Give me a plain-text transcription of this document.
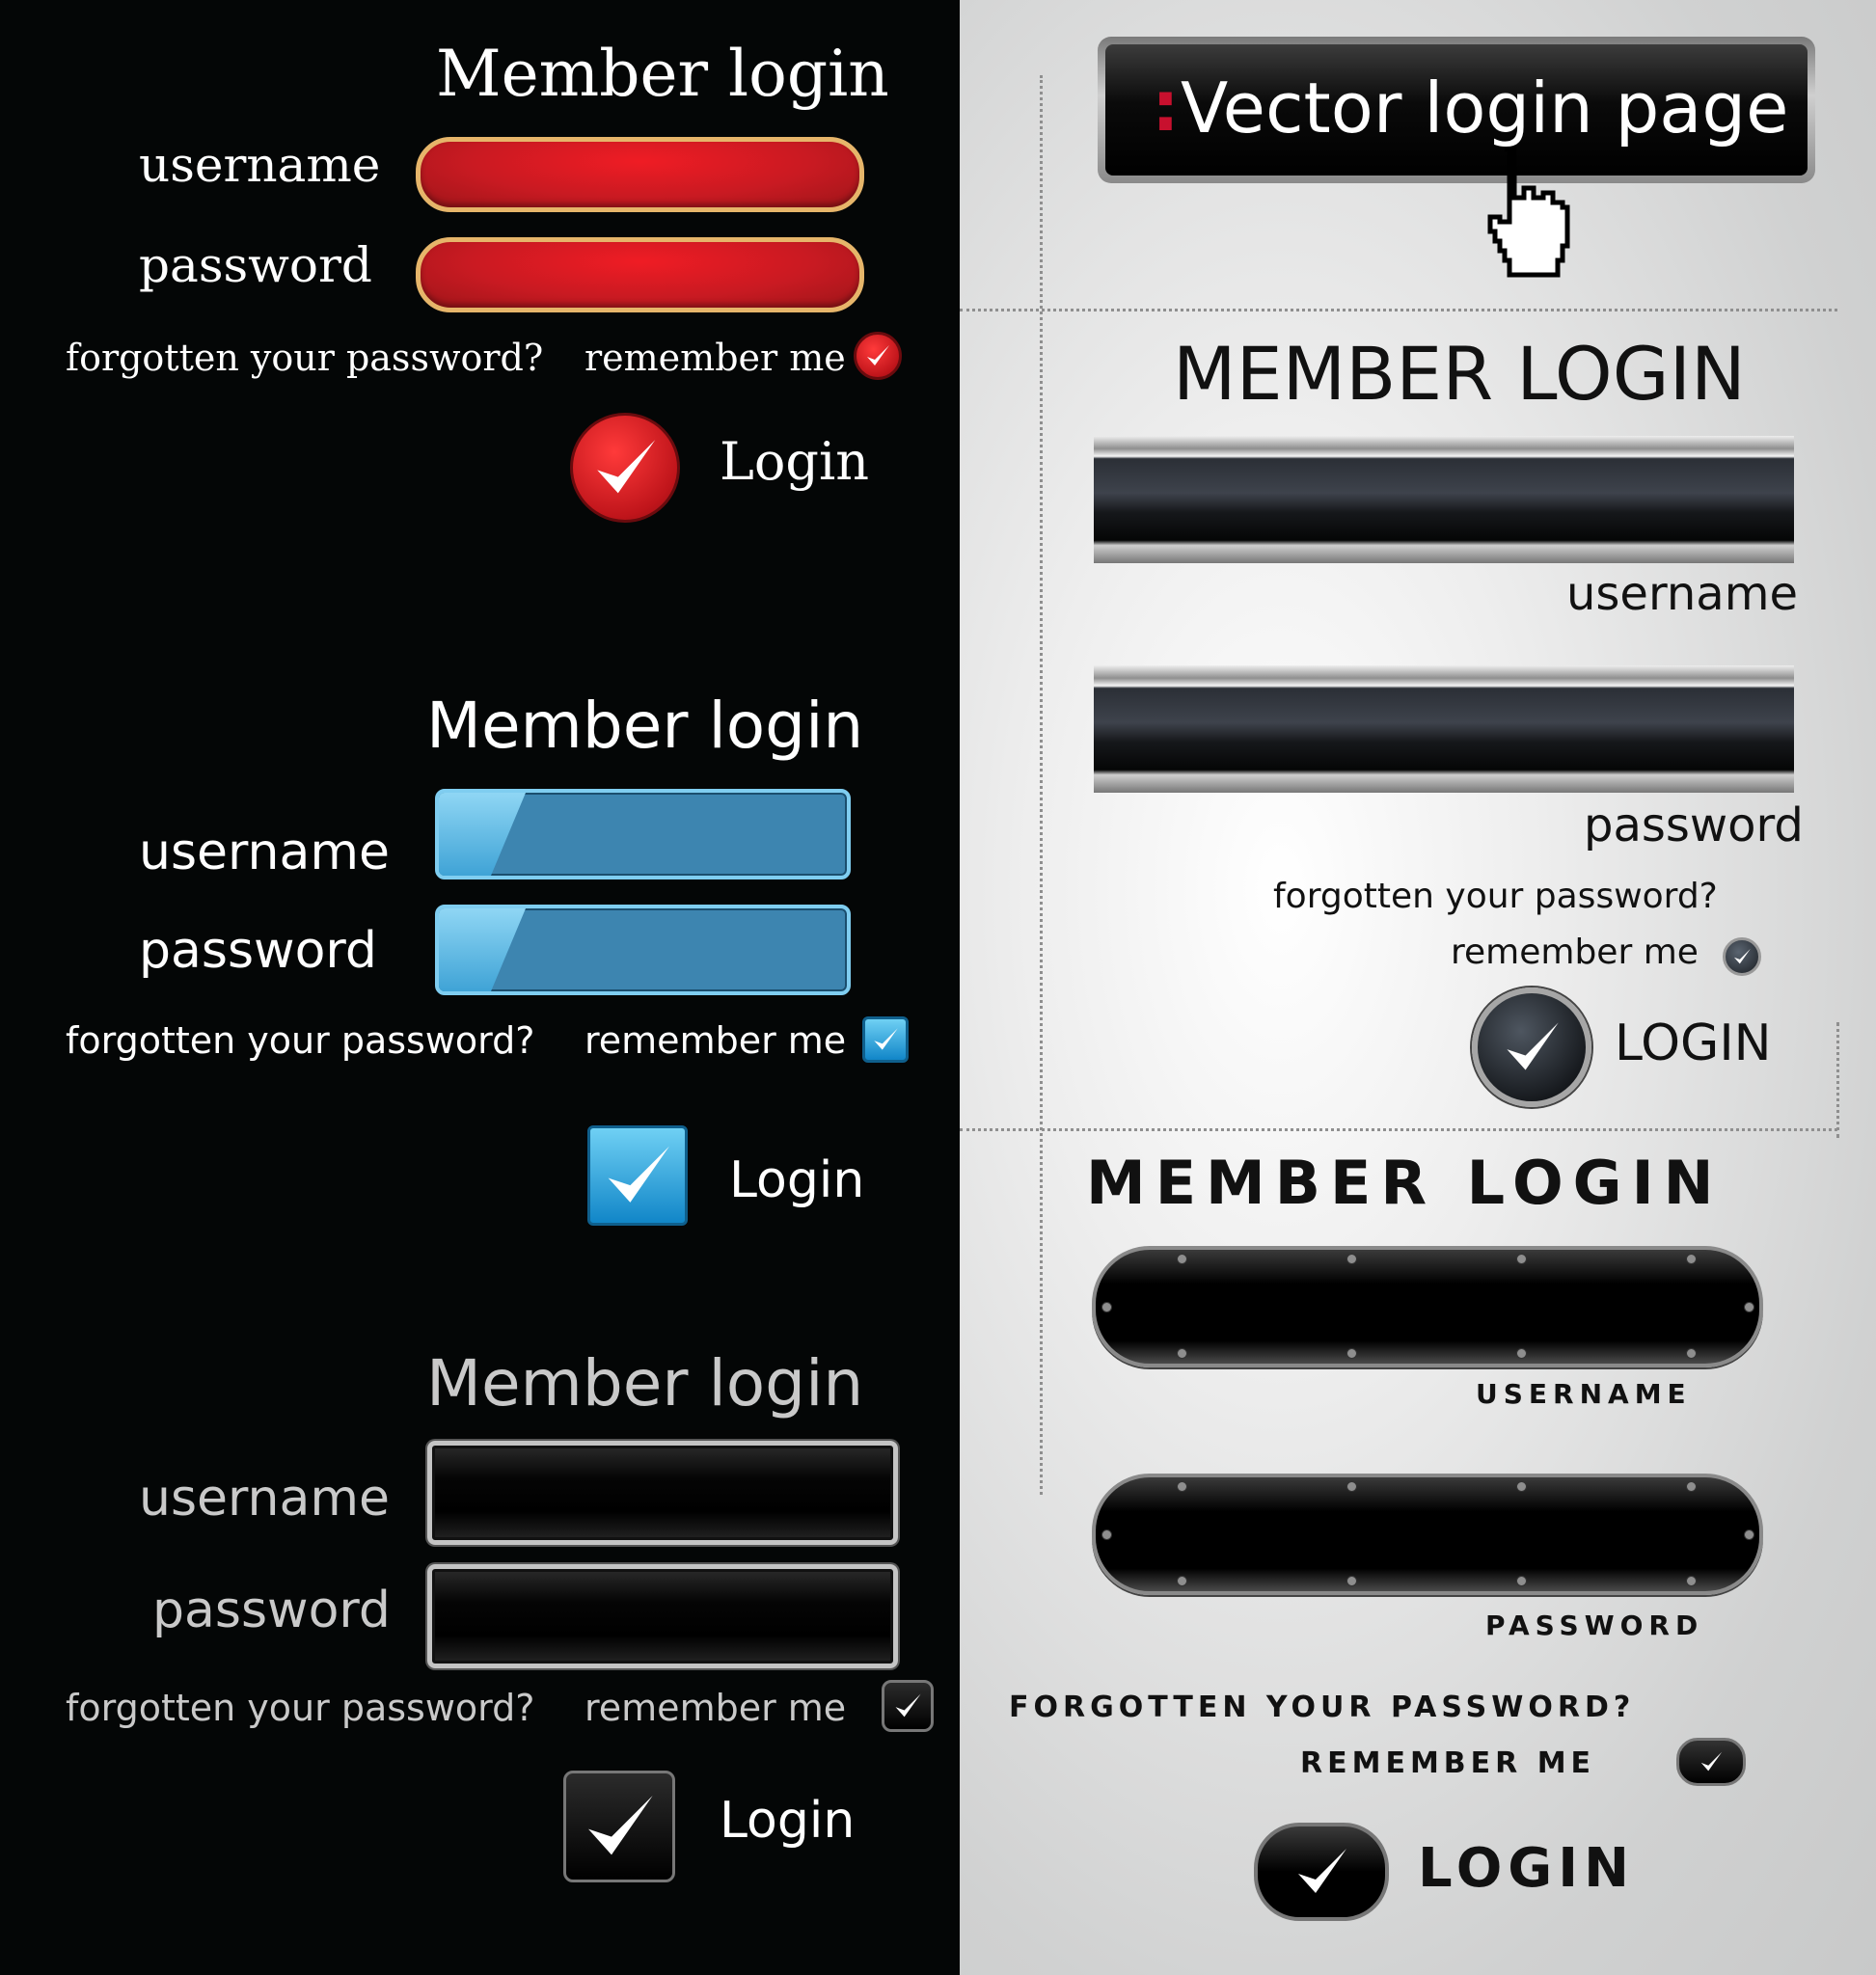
Member login
username
password
forgotten your password? remember me
Login
Member login
username
password
forgotten your password? remember me
Login
Member login
username
password
forgotten your password? remember me
Login
: Vector login page
MEMBER LOGIN
username
password
forgotten your password?
remember me
LOGIN
MEMBER LOGIN
USERNAME
PASSWORD
FORGOTTEN YOUR PASSWORD?
REMEMBER ME
LOGIN
